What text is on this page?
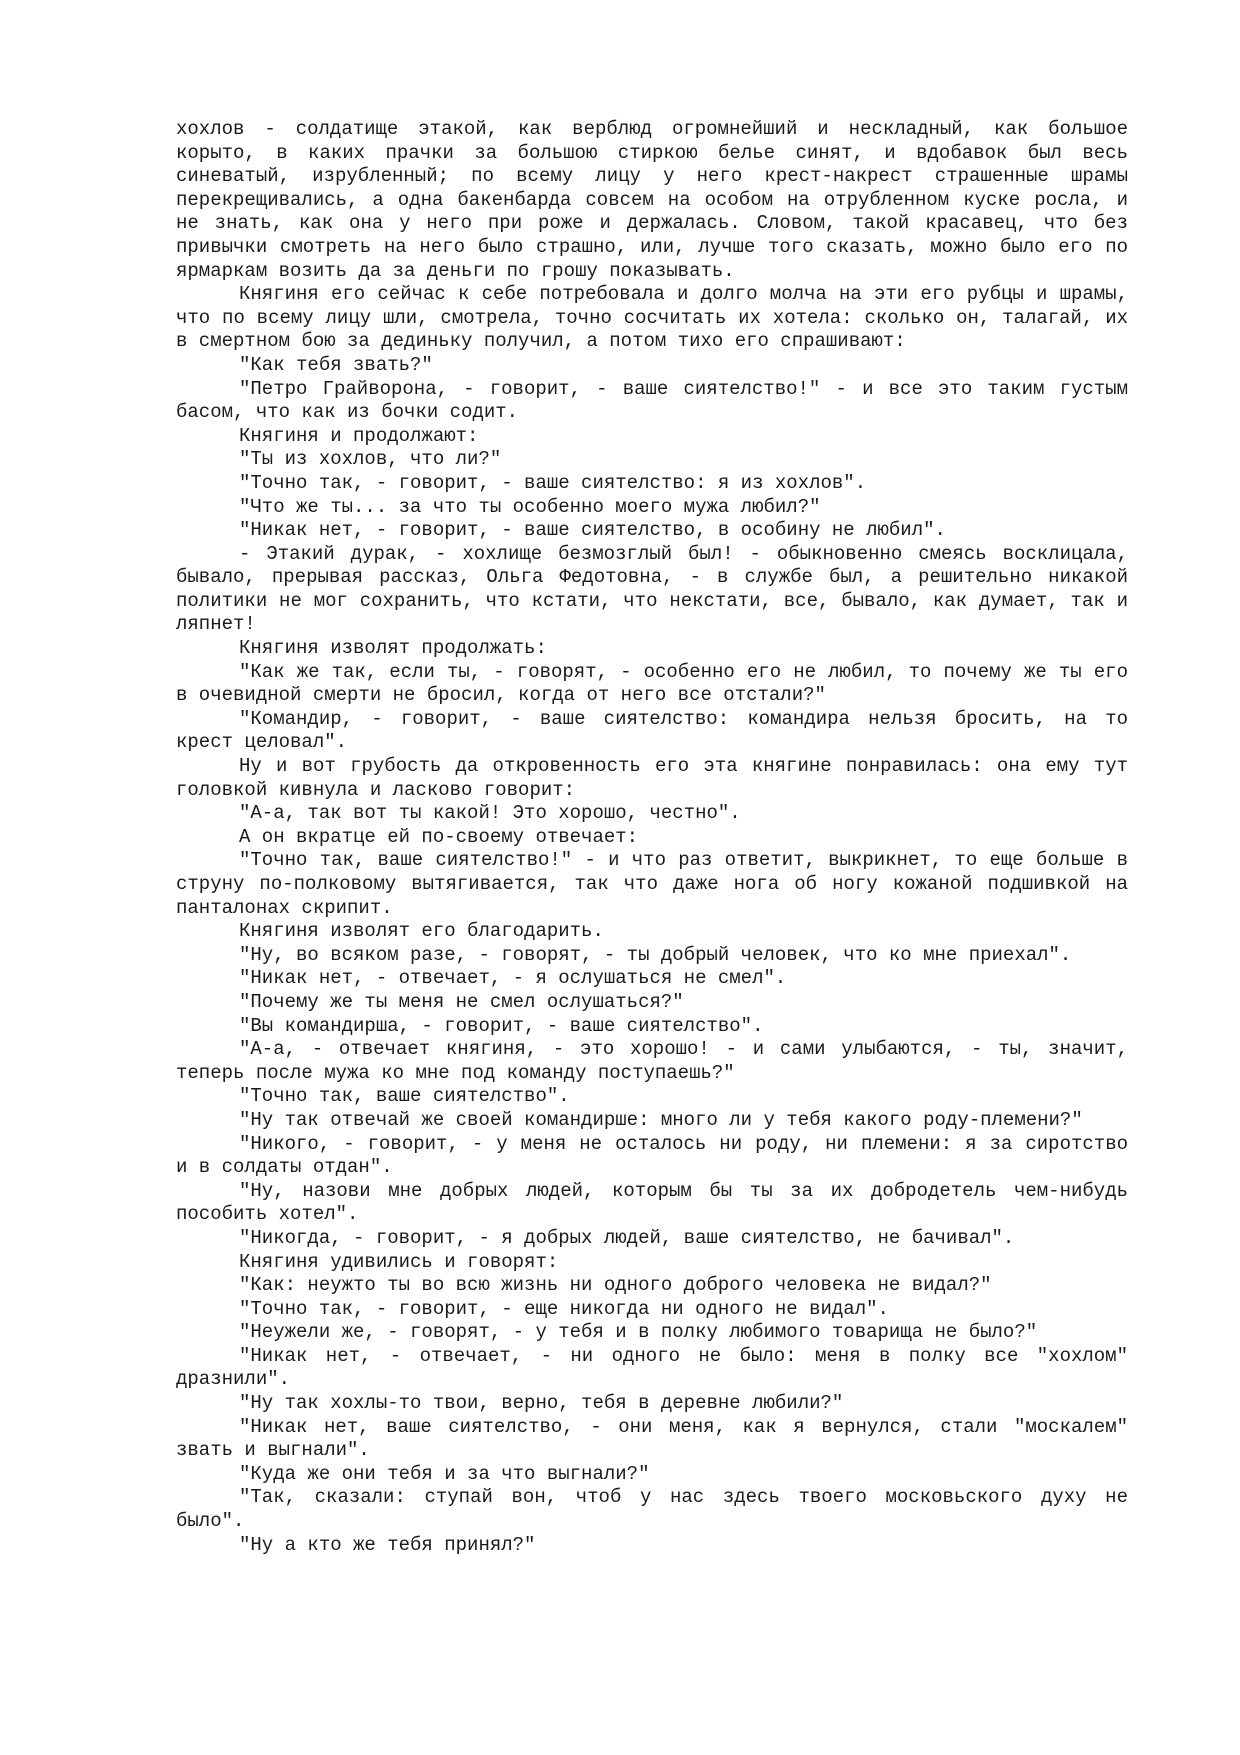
хохлов - солдатище этакой, как верблюд огромнейший и нескладный, как большое корыто, в каких прачки за большою стиркою белье синят, и вдобавок был весь синеватый, изрубленный; по всему лицу у него крест-накрест страшенные шрамы перекрещивались, а одна бакенбарда совсем на особом на отрубленном куске росла, и не знать, как она у него при роже и держалась. Словом, такой красавец, что без привычки смотреть на него было страшно, или, лучше того сказать, можно было его по ярмаркам возить да за деньги по грошу показывать.

Княгиня его сейчас к себе потребовала и долго молча на эти его рубцы и шрамы, что по всему лицу шли, смотрела, точно сосчитать их хотела: сколько он, талагай, их в смертном бою за дединьку получил, а потом тихо его спрашивают:

"Как тебя звать?"

"Петро Грайворона, - говорит, - ваше сиятелство!" - и все это таким густым басом, что как из бочки содит.

Княгиня и продолжают:

"Ты из хохлов, что ли?"

"Точно так, - говорит, - ваше сиятелство: я из хохлов".

"Что же ты... за что ты особенно моего мужа любил?"

"Никак нет, - говорит, - ваше сиятелство, в особину не любил".

- Этакий дурак, - хохлище безмозглый был! - обыкновенно смеясь восклицала, бывало, прерывая рассказ, Ольга Федотовна, - в службе был, а решительно никакой политики не мог сохранить, что кстати, что некстати, все, бывало, как думает, так и ляпнет!

Княгиня изволят продолжать:

"Как же так, если ты, - говорят, - особенно его не любил, то почему же ты его в очевидной смерти не бросил, когда от него все отстали?"

"Командир, - говорит, - ваше сиятелство: командира нельзя бросить, на то крест целовал".

Ну и вот грубость да откровенность его эта княгине понравилась: она ему тут головкой кивнула и ласково говорит:

"А-а, так вот ты какой! Это хорошо, честно".

А он вкратце ей по-своему отвечает:

"Точно так, ваше сиятелство!" - и что раз ответит, выкрикнет, то еще больше в струну по-полковому вытягивается, так что даже нога об ногу кожаной подшивкой на панталонах скрипит.

Княгиня изволят его благодарить.

"Ну, во всяком разе, - говорят, - ты добрый человек, что ко мне приехал".

"Никак нет, - отвечает, - я ослушаться не смел".

"Почему же ты меня не смел ослушаться?"

"Вы командирша, - говорит, - ваше сиятелство".

"А-а, - отвечает княгиня, - это хорошо! - и сами улыбаются, - ты, значит, теперь после мужа ко мне под команду поступаешь?"

"Точно так, ваше сиятелство".

"Ну так отвечай же своей командирше: много ли у тебя какого роду-племени?"

"Никого, - говорит, - у меня не осталось ни роду, ни племени: я за сиротство и в солдаты отдан".

"Ну, назови мне добрых людей, которым бы ты за их добродетель чем-нибудь пособить хотел".

"Никогда, - говорит, - я добрых людей, ваше сиятелство, не бачивал".

Княгиня удивились и говорят:

"Как: неужто ты во всю жизнь ни одного доброго человека не видал?"

"Точно так, - говорит, - еще никогда ни одного не видал".

"Неужели же, - говорят, - у тебя и в полку любимого товарища не было?"

"Никак нет, - отвечает, - ни одного не было: меня в полку все "хохлом" дразнили".

"Ну так хохлы-то твои, верно, тебя в деревне любили?"

"Никак нет, ваше сиятелство, - они меня, как я вернулся, стали "москалем" звать и выгнали".

"Куда же они тебя и за что выгнали?"

"Так, сказали: ступай вон, чтоб у нас здесь твоего московьского духу не было".

"Ну а кто же тебя принял?"
